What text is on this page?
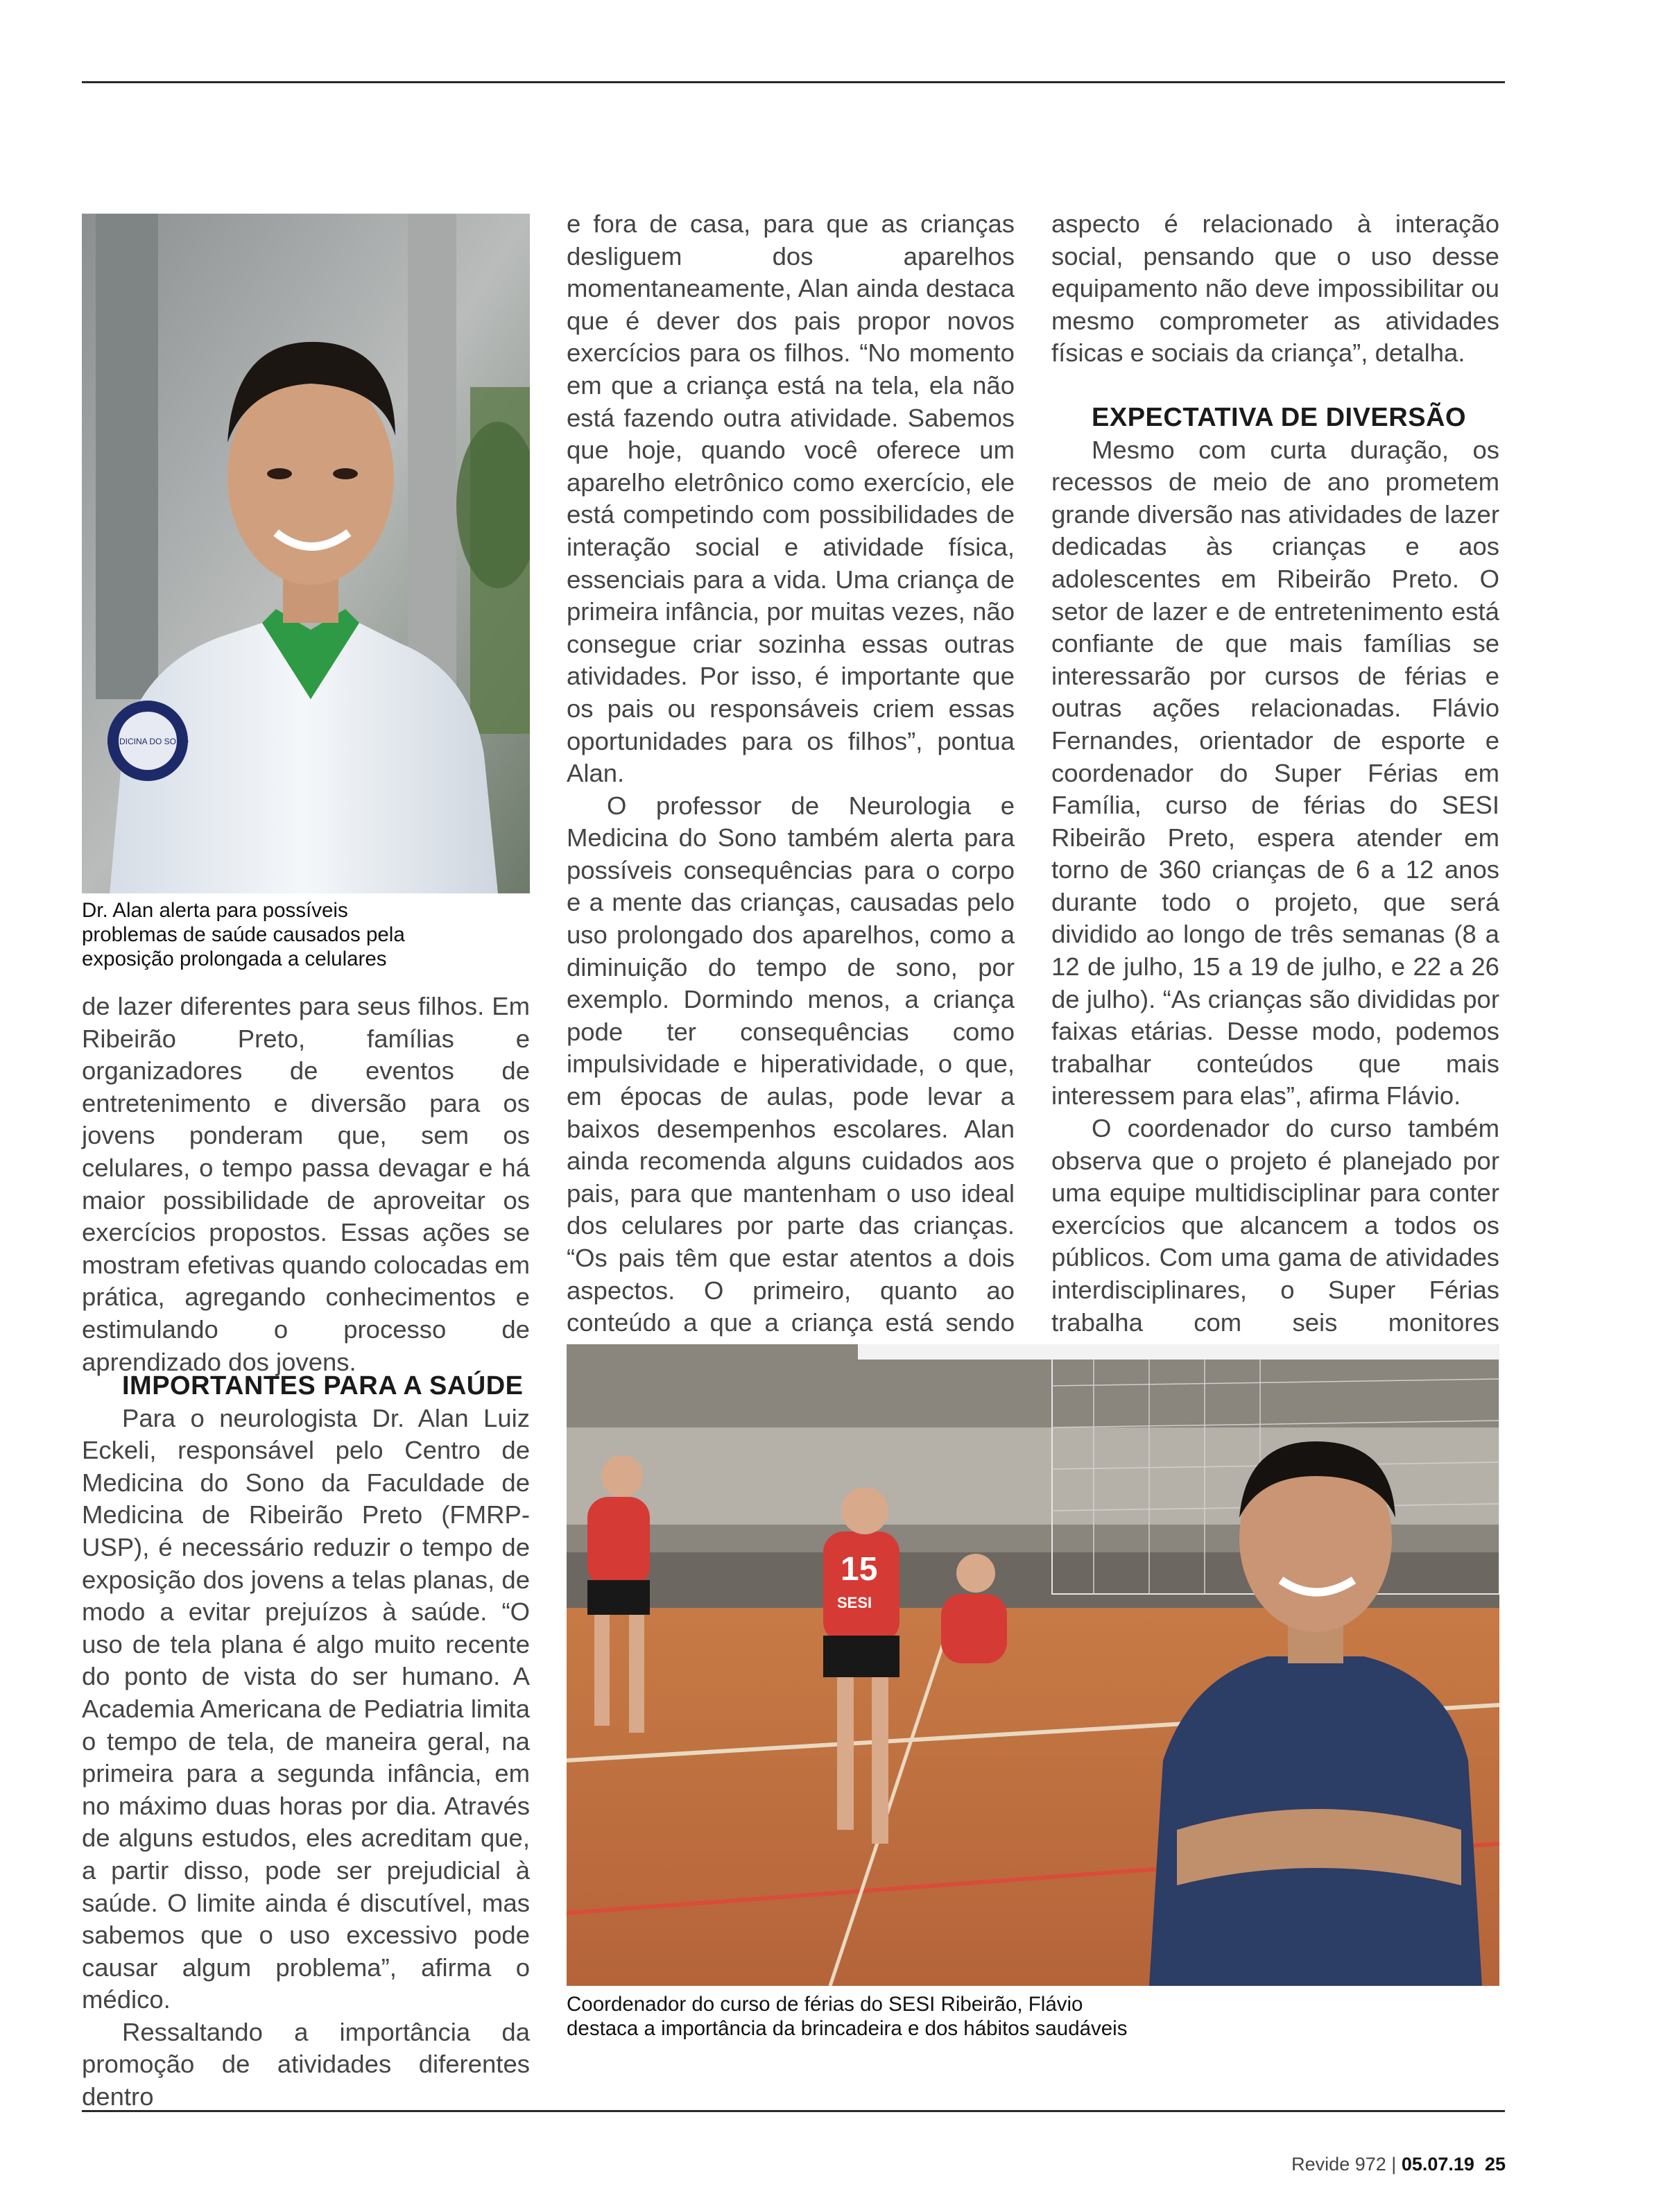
MEDICINA DO SONO
Dr. Alan alerta para possíveis
problemas de saúde causados pela
exposição prolongada a celulares

de lazer diferentes para seus filhos. Em Ribeirão Preto, famílias e organizadores de eventos de entretenimento e diversão para os jovens ponderam que, sem os celulares, o tempo passa devagar e há maior possibilidade de aproveitar os exercícios propostos. Essas ações se mostram efetivas quando colocadas em prática, agregando conhecimentos e estimulando o processo de aprendizado dos jovens.

IMPORTANTES PARA A SAÚDE

Para o neurologista Dr. Alan Luiz Eckeli, responsável pelo Centro de Medicina do Sono da Faculdade de Medicina de Ribeirão Preto (FMRP-USP), é necessário reduzir o tempo de exposição dos jovens a telas planas, de modo a evitar prejuízos à saúde. “O uso de tela plana é algo muito recente do ponto de vista do ser humano. A Academia Americana de Pediatria limita o tempo de tela, de maneira geral, na primeira para a segunda infância, em no máximo duas horas por dia. Através de alguns estudos, eles acreditam que, a partir disso, pode ser prejudicial à saúde. O limite ainda é discutível, mas sabemos que o uso excessivo pode causar algum problema”, afirma o médico.

Ressaltando a importância da promoção de atividades diferentes dentro

e fora de casa, para que as crianças desliguem dos aparelhos momentaneamente, Alan ainda destaca que é dever dos pais propor novos exercícios para os filhos. “No momento em que a criança está na tela, ela não está fazendo outra atividade. Sabemos que hoje, quando você oferece um aparelho eletrônico como exercício, ele está competindo com possibilidades de interação social e atividade física, essenciais para a vida. Uma criança de primeira infância, por muitas vezes, não consegue criar sozinha essas outras atividades. Por isso, é importante que os pais ou responsáveis criem essas oportunidades para os filhos”, pontua Alan.

O professor de Neurologia e Medicina do Sono também alerta para possíveis consequências para o corpo e a mente das crianças, causadas pelo uso prolongado dos aparelhos, como a diminuição do tempo de sono, por exemplo. Dormindo menos, a criança pode ter consequências como impulsividade e hiperatividade, o que, em épocas de aulas, pode levar a baixos desempenhos escolares. Alan ainda recomenda alguns cuidados aos pais, para que mantenham o uso ideal dos celulares por parte das crianças. “Os pais têm que estar atentos a dois aspectos. O primeiro, quanto ao conteúdo a que a criança está sendo

aspecto é relacionado à interação social, pensando que o uso desse equipamento não deve impossibilitar ou mesmo comprometer as atividades físicas e sociais da criança”, detalha.

EXPECTATIVA DE DIVERSÃO

Mesmo com curta duração, os recessos de meio de ano prometem grande diversão nas atividades de lazer dedicadas às crianças e aos adolescentes em Ribeirão Preto. O setor de lazer e de entretenimento está confiante de que mais famílias se interessarão por cursos de férias e outras ações relacionadas. Flávio Fernandes, orientador de esporte e coordenador do Super Férias em Família, curso de férias do SESI Ribeirão Preto, espera atender em torno de 360 crianças de 6 a 12 anos durante todo o projeto, que será dividido ao longo de três semanas (8 a 12 de julho, 15 a 19 de julho, e 22 a 26 de julho). “As crianças são divididas por faixas etárias. Desse modo, podemos trabalhar conteúdos que mais interessem para elas”, afirma Flávio.

O coordenador do curso também observa que o projeto é planejado por uma equipe multidisciplinar para conter exercícios que alcancem a todos os públicos. Com uma gama de atividades interdisciplinares, o Super Férias trabalha com seis monitores

15
SESI
Coordenador do curso de férias do SESI Ribeirão, Flávio
destaca a importância da brincadeira e dos hábitos saudáveis
Revide 972 | 05.07.19 25
